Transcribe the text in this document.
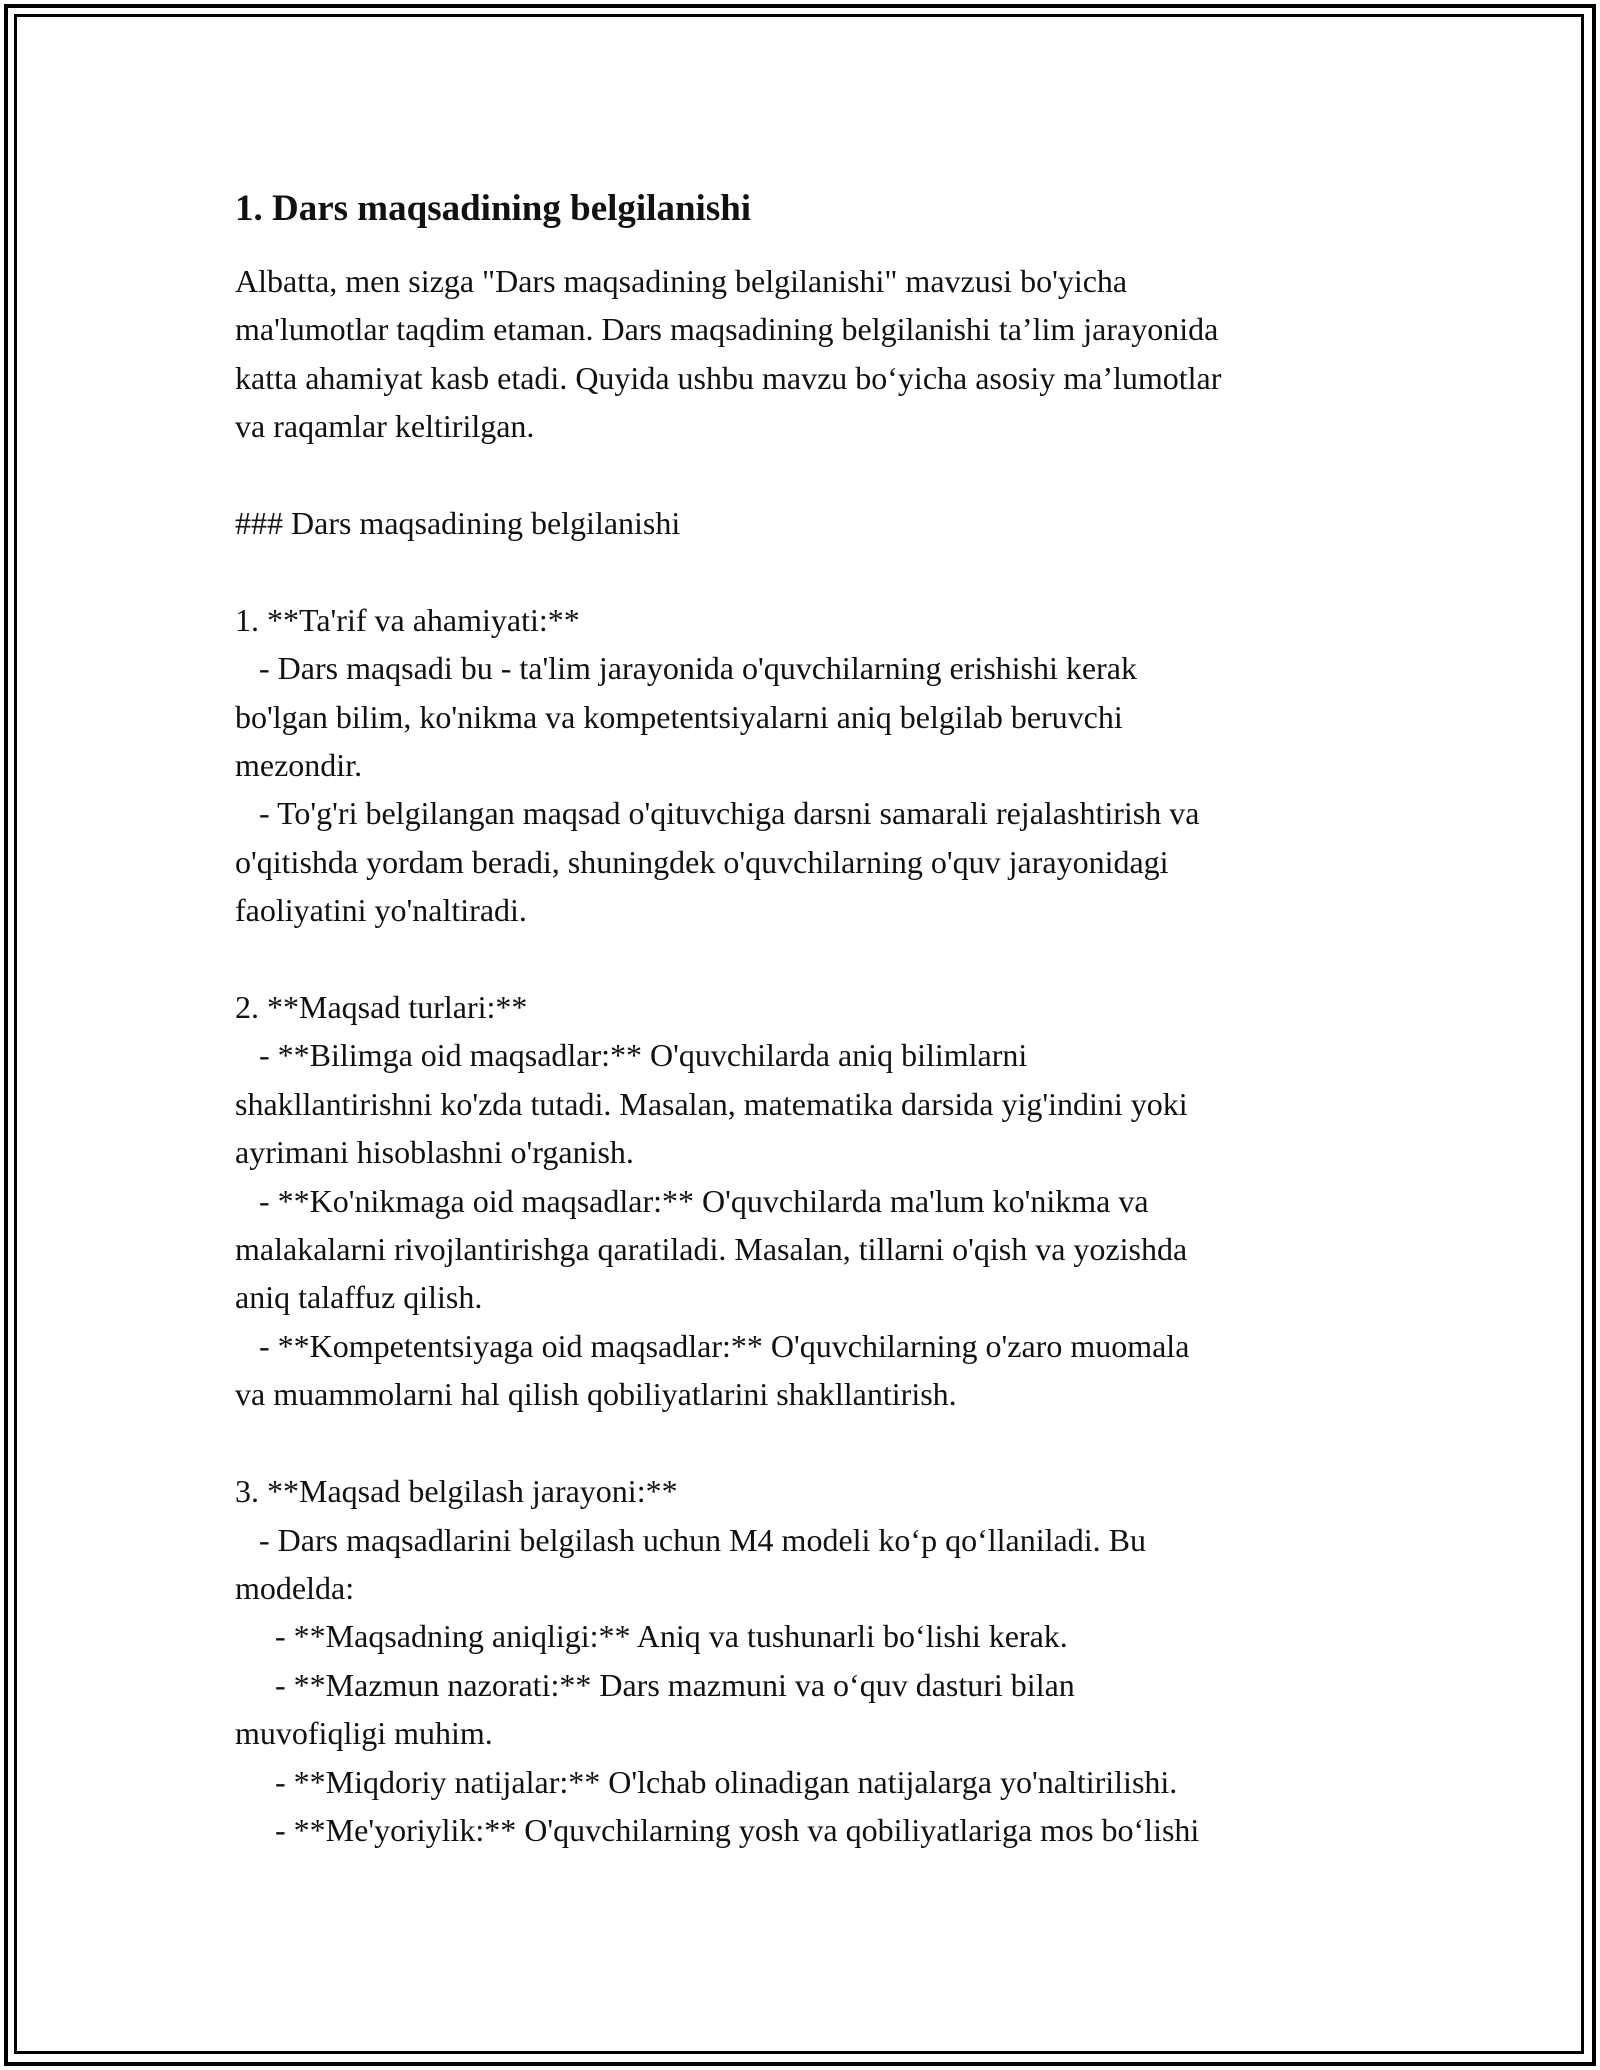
1. Dars maqsadining belgilanishi
Albatta, men sizga "Dars maqsadining belgilanishi" mavzusi bo'yicha
ma'lumotlar taqdim etaman. Dars maqsadining belgilanishi ta’lim jarayonida
katta ahamiyat kasb etadi. Quyida ushbu mavzu bo‘yicha asosiy ma’lumotlar
va raqamlar keltirilgan.
### Dars maqsadining belgilanishi
1. **Ta'rif va ahamiyati:**
- Dars maqsadi bu - ta'lim jarayonida o'quvchilarning erishishi kerak
bo'lgan bilim, ko'nikma va kompetentsiyalarni aniq belgilab beruvchi
mezondir.
- To'g'ri belgilangan maqsad o'qituvchiga darsni samarali rejalashtirish va
o'qitishda yordam beradi, shuningdek o'quvchilarning o'quv jarayonidagi
faoliyatini yo'naltiradi.
2. **Maqsad turlari:**
- **Bilimga oid maqsadlar:** O'quvchilarda aniq bilimlarni
shakllantirishni ko'zda tutadi. Masalan, matematika darsida yig'indini yoki
ayrimani hisoblashni o'rganish.
- **Ko'nikmaga oid maqsadlar:** O'quvchilarda ma'lum ko'nikma va
malakalarni rivojlantirishga qaratiladi. Masalan, tillarni o'qish va yozishda
aniq talaffuz qilish.
- **Kompetentsiyaga oid maqsadlar:** O'quvchilarning o'zaro muomala
va muammolarni hal qilish qobiliyatlarini shakllantirish.
3. **Maqsad belgilash jarayoni:**
- Dars maqsadlarini belgilash uchun M4 modeli ko‘p qo‘llaniladi. Bu
modelda:
- **Maqsadning aniqligi:** Aniq va tushunarli bo‘lishi kerak.
- **Mazmun nazorati:** Dars mazmuni va o‘quv dasturi bilan
muvofiqligi muhim.
- **Miqdoriy natijalar:** O'lchab olinadigan natijalarga yo'naltirilishi.
- **Me'yoriylik:** O'quvchilarning yosh va qobiliyatlariga mos bo‘lishi
